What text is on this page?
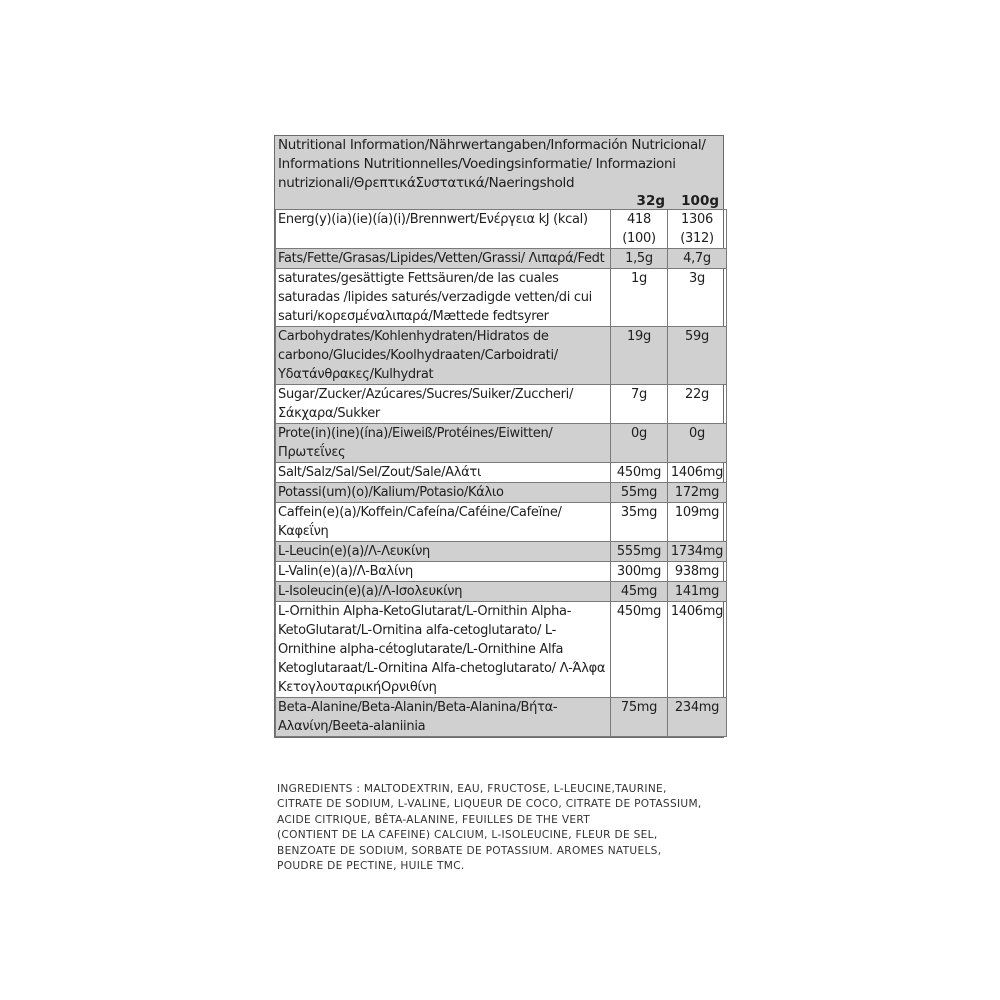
Nutritional Information/Nährwertangaben/Información Nutricional/ Informations Nutritionnelles/Voedingsinformatie/ Informazioni nutrizionali/ΘρεπτικάΣυστατικά/Naeringshold
32g	100g
Energ(y)(ia)(ie)(ía)(i)/Brennwert/Ενέργεια kJ (kcal)	418 (100)	1306 (312)
Fats/Fette/Grasas/Lipides/Vetten/Grassi/ Λιπαρά/Fedt	1,5g	4,7g
saturates/gesättigte Fettsäuren/de las cuales saturadas /lipides saturés/verzadigde vetten/di cui saturi/κορεσμέναλιπαρά/Mættede fedtsyrer	1g	3g
Carbohydrates/Kohlenhydraten/Hidratos de carbono/Glucides/Koolhydraaten/Carboidrati/ Υδατάνθρακες/Kulhydrat	19g	59g
Sugar/Zucker/Azúcares/Sucres/Suiker/Zuccheri/ Σάκχαρα/Sukker	7g	22g
Prote(in)(ine)(ína)/Eiweiß/Protéines/Eiwitten/ Πρωτεΐνες	0g	0g
Salt/Salz/Sal/Sel/Zout/Sale/Αλάτι	450mg	1406mg
Potassi(um)(o)/Kalium/Potasio/Κάλιο	55mg	172mg
Caffein(e)(a)/Koffein/Cafeína/Caféine/Cafeïne/ Καφεΐνη	35mg	109mg
L-Leucin(e)(a)/Λ-Λευκίνη	555mg	1734mg
L-Valin(e)(a)/Λ-Βαλίνη	300mg	938mg
L-Isoleucin(e)(a)/Λ-Ισολευκίνη	45mg	141mg
L-Ornithin Alpha-KetoGlutarat/L-Ornithin Alpha-KetoGlutarat/L-Ornitina alfa-cetoglutarato/ L-Ornithine alpha-cétoglutarate/L-Ornithine Alfa Ketoglutaraat/L-Ornitina Alfa-chetoglutarato/ Λ-Άλφα ΚετογλουταρικήΟρνιθίνη	450mg	1406mg
Beta-Alanine/Beta-Alanin/Beta-Alanina/Βήτα-Αλανίνη/Beeta-alaniinia	75mg	234mg
INGREDIENTS : MALTODEXTRIN, EAU, FRUCTOSE, L-LEUCINE,TAURINE,
CITRATE DE SODIUM, L-VALINE, LIQUEUR DE COCO, CITRATE DE POTASSIUM,
ACIDE CITRIQUE, BÊTA-ALANINE, FEUILLES DE THE VERT
(CONTIENT DE LA CAFEINE) CALCIUM, L-ISOLEUCINE, FLEUR DE SEL,
BENZOATE DE SODIUM, SORBATE DE POTASSIUM. AROMES NATUELS,
POUDRE DE PECTINE, HUILE TMC.
